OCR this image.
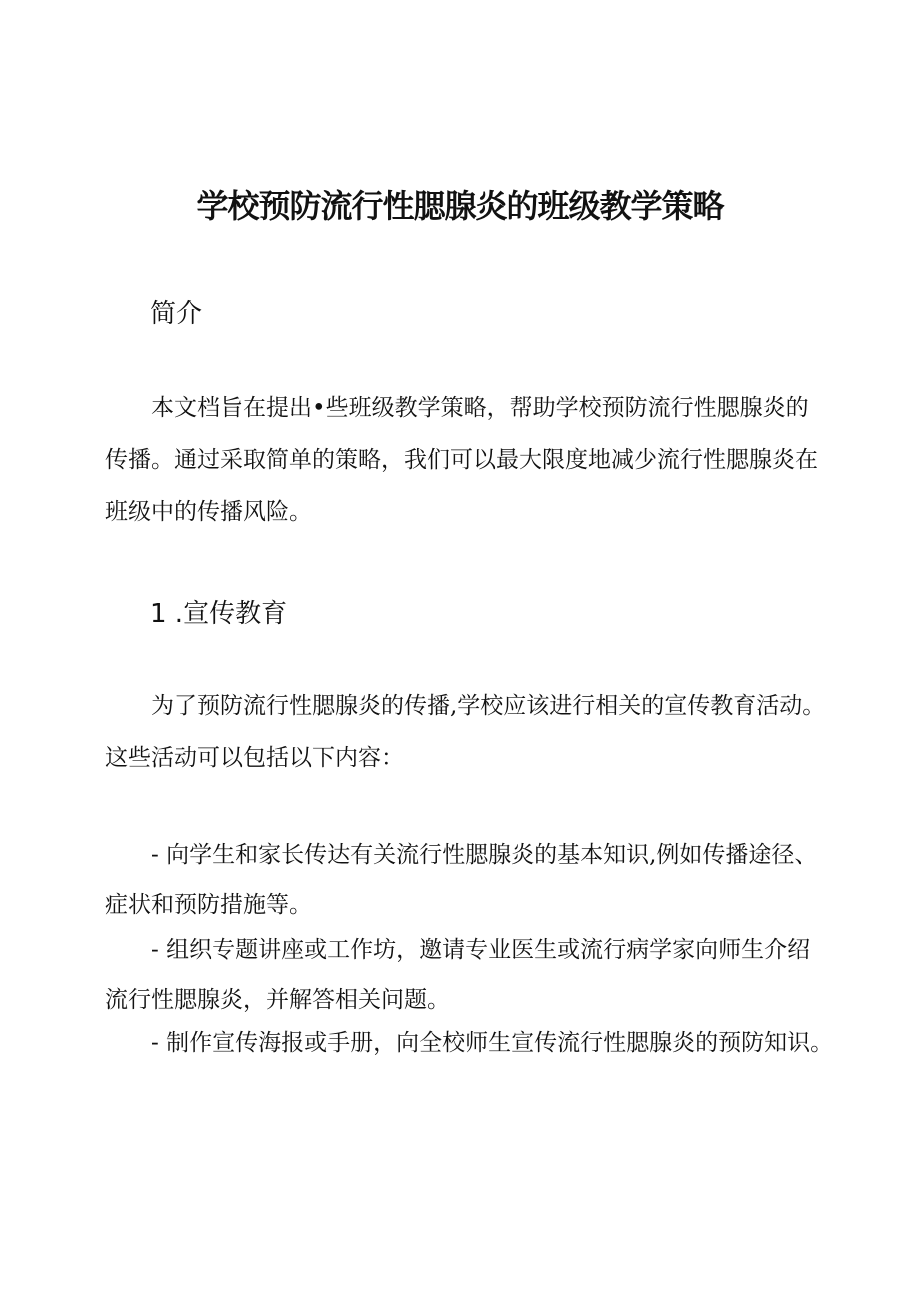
学校预防流行性腮腺炎的班级教学策略
简介

本文档旨在提出•些班级教学策略，帮助学校预防流行性腮腺炎的
传播。通过采取简单的策略，我们可以最大限度地减少流行性腮腺炎在
班级中的传播风险。

1 .宣传教育

为了预防流行性腮腺炎的传播,学校应该进行相关的宣传教育活动。
这些活动可以包括以下内容：

- 向学生和家长传达有关流行性腮腺炎的基本知识,例如传播途径、
症状和预防措施等。

- 组织专题讲座或工作坊，邀请专业医生或流行病学家向师生介绍
流行性腮腺炎，并解答相关问题。

- 制作宣传海报或手册，向全校师生宣传流行性腮腺炎的预防知识。
